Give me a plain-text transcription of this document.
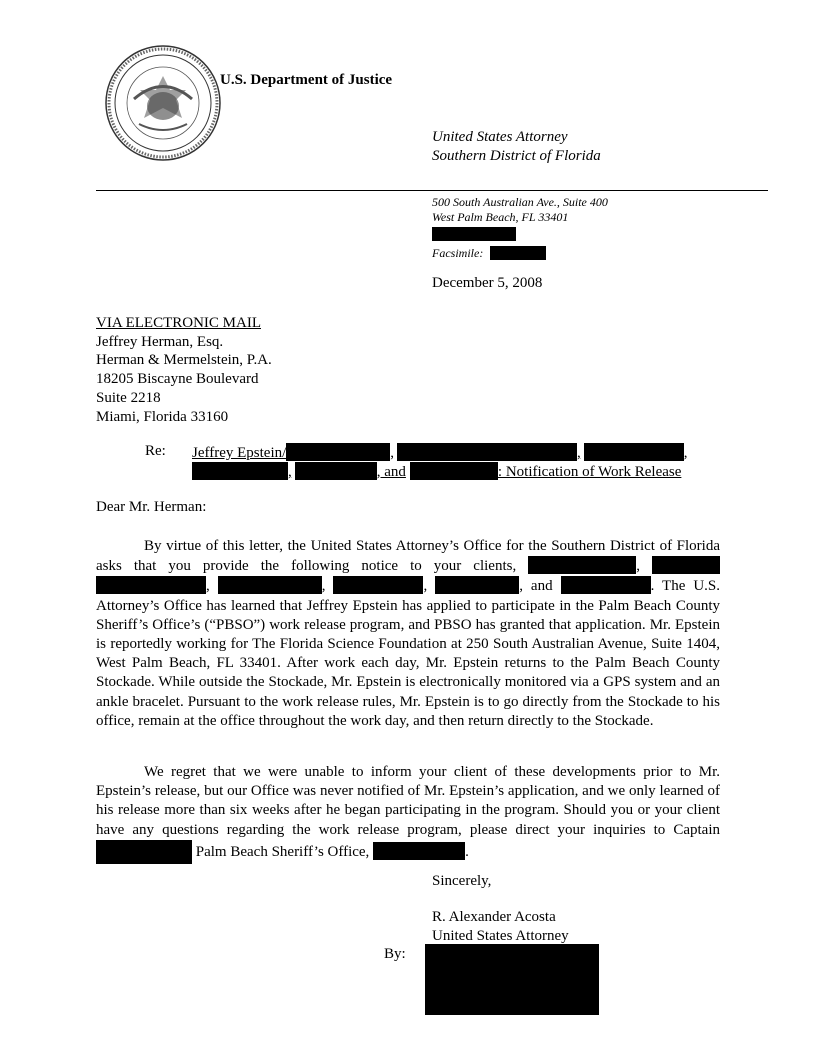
U.S. Department of Justice
United States Attorney
Southern District of Florida
500 South Australian Ave., Suite 400
West Palm Beach, FL 33401
Facsimile:
December 5, 2008
VIA ELECTRONIC MAIL
Jeffrey Herman, Esq.
Herman & Mermelstein, P.A.
18205 Biscayne Boulevard
Suite 2218
Miami, Florida 33160
Re: Jeffrey Epstein/	,	,	,
,	, and	: Notification of Work Release
Dear Mr. Herman:
By virtue of this letter, the United States Attorney’s Office for the Southern District of Florida asks that you provide the following notice to your clients,	,  ,	,	,	, and	. The U.S. Attorney’s Office has learned that Jeffrey Epstein has applied to participate in the Palm Beach County Sheriff’s Office’s (“PBSO”) work release program, and PBSO has granted that application. Mr. Epstein is reportedly working for The Florida Science Foundation at 250 South Australian Avenue, Suite 1404, West Palm Beach, FL 33401. After work each day, Mr. Epstein returns to the Palm Beach County Stockade. While outside the Stockade, Mr. Epstein is electronically monitored via a GPS system and an ankle bracelet. Pursuant to the work release rules, Mr. Epstein is to go directly from the Stockade to his office, remain at the office throughout the work day, and then return directly to the Stockade.
We regret that we were unable to inform your client of these developments prior to Mr. Epstein’s release, but our Office was never notified of Mr. Epstein’s application, and we only learned of his release more than six weeks after he began participating in the program. Should you or your client have any questions regarding the work release program, please direct your inquiries to Captain  Palm Beach Sheriff’s Office,	.
Sincerely,
R. Alexander Acosta
United States Attorney
By:
